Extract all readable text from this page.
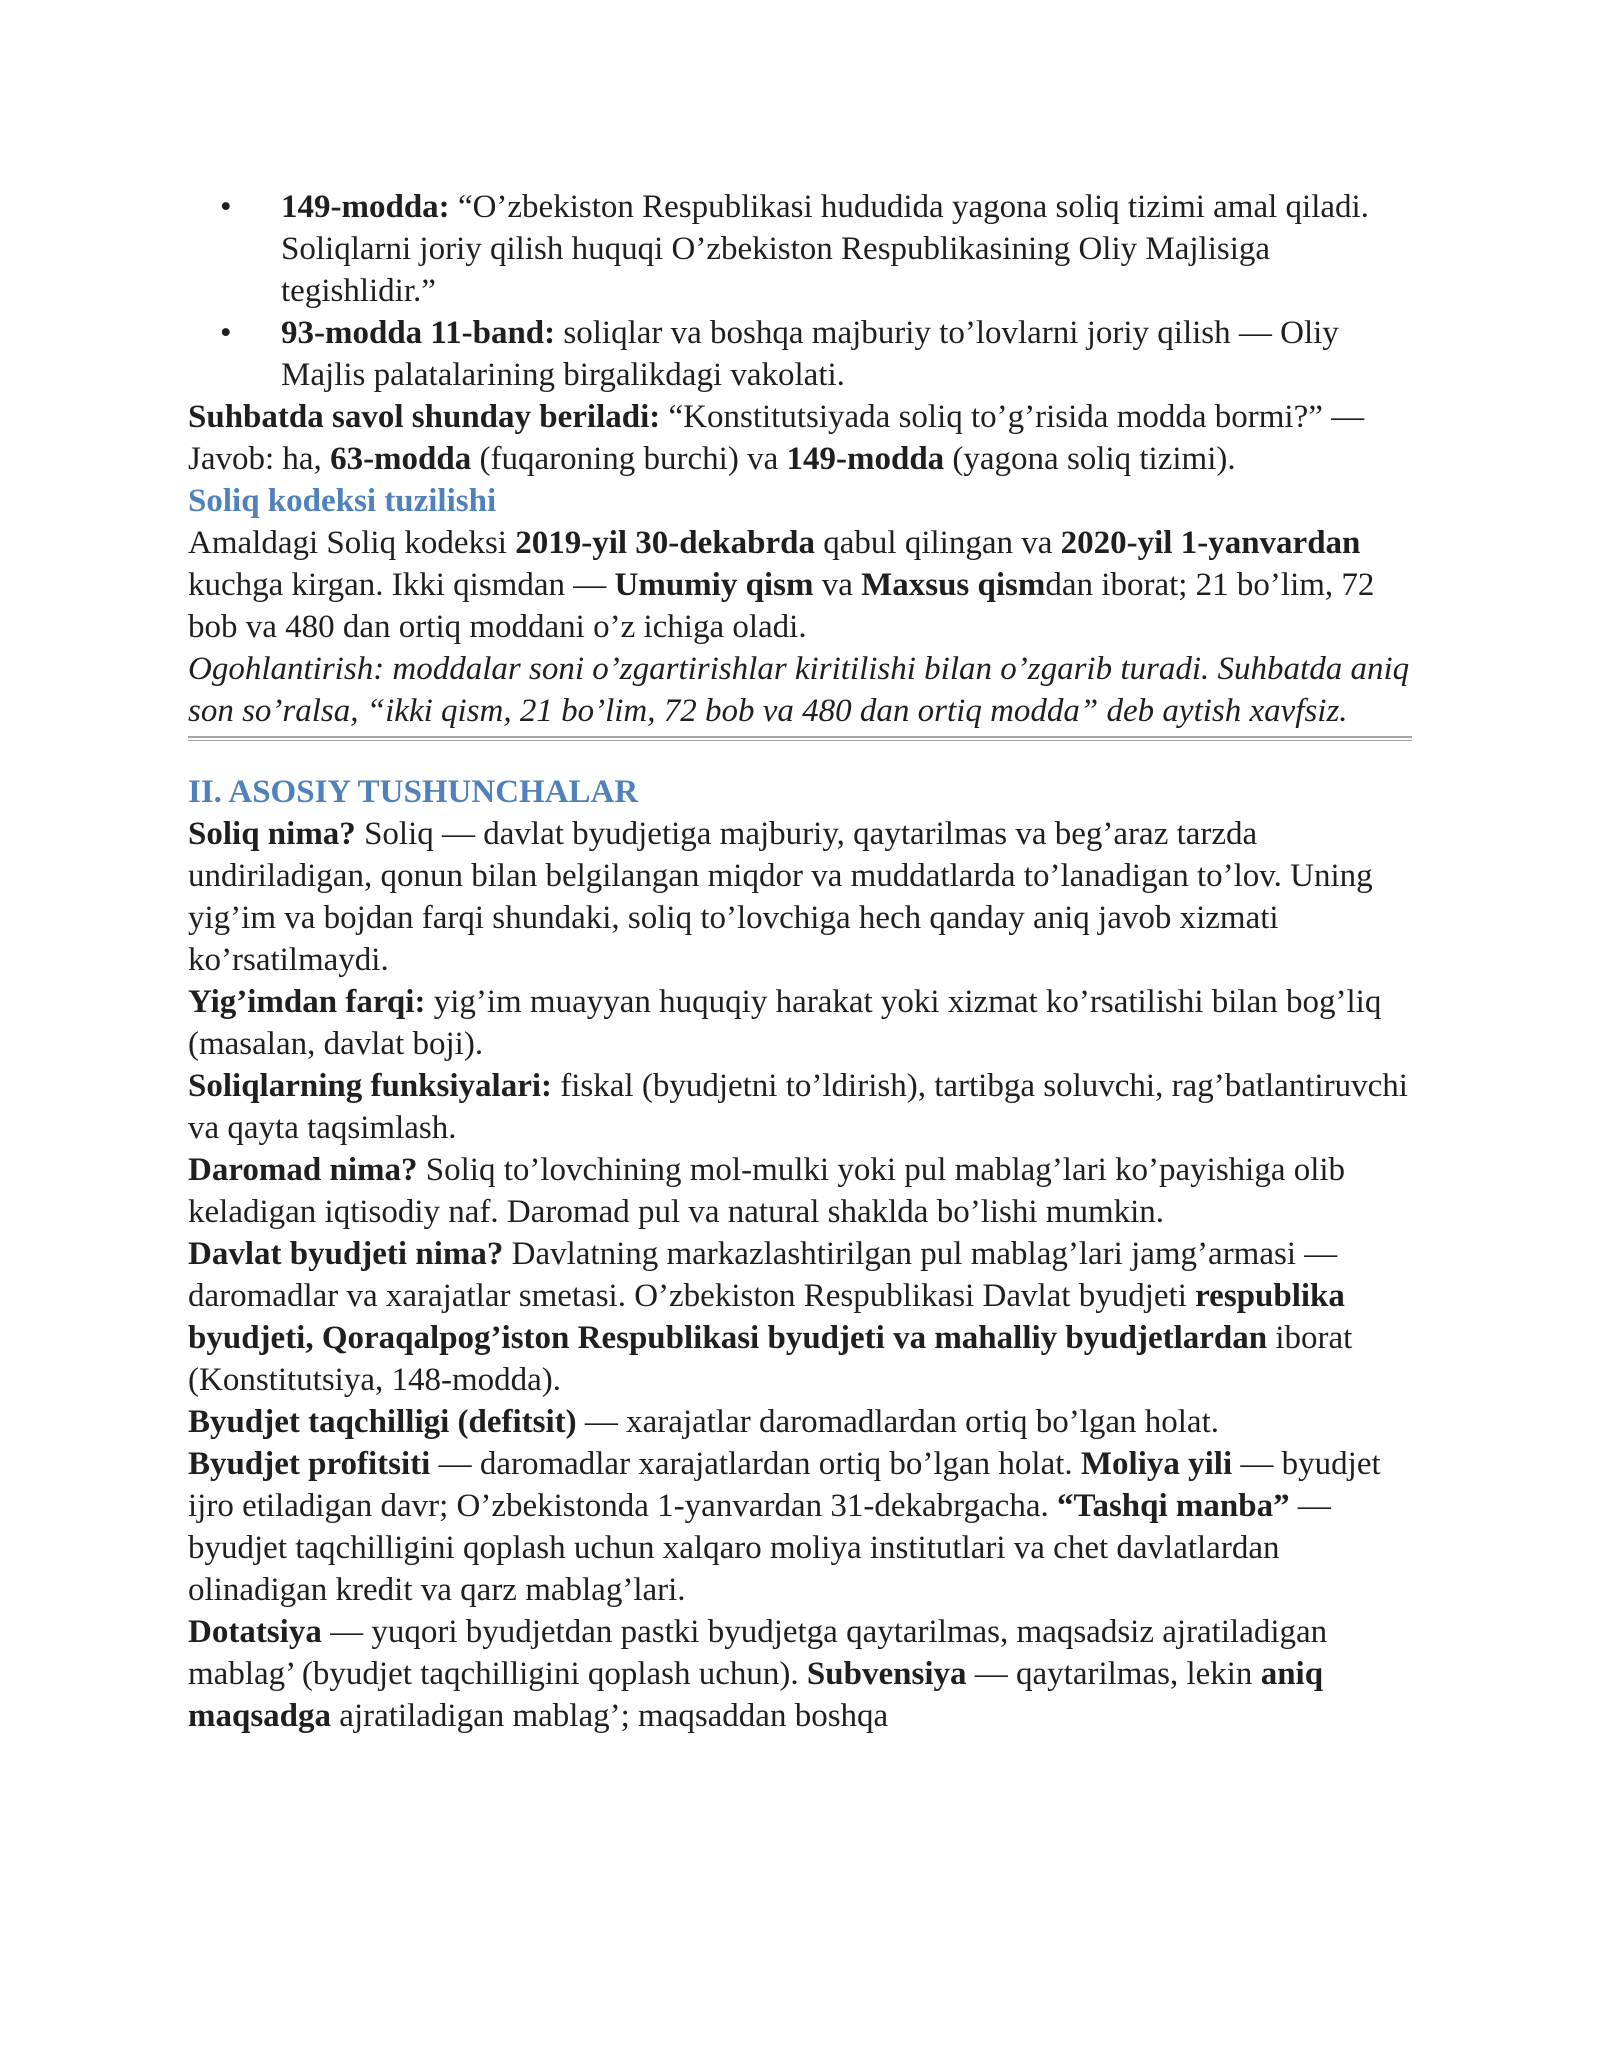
• 149-modda: “O’zbekiston Respublikasi hududida yagona soliq tizimi amal qiladi. Soliqlarni joriy qilish huquqi O’zbekiston Respublikasining Oliy Majlisiga tegishlidir.”
• 93-modda 11-band: soliqlar va boshqa majburiy to’lovlarni joriy qilish — Oliy Majlis palatalarining birgalikdagi vakolati.

Suhbatda savol shunday beriladi: “Konstitutsiyada soliq to’g’risida modda bormi?” — Javob: ha, 63-modda (fuqaroning burchi) va 149-modda (yagona soliq tizimi).

Soliq kodeksi tuzilishi

Amaldagi Soliq kodeksi 2019-yil 30-dekabrda qabul qilingan va 2020-yil 1-yanvardan kuchga kirgan. Ikki qismdan — Umumiy qism va Maxsus qismdan iborat; 21 bo’lim, 72 bob va 480 dan ortiq moddani o’z ichiga oladi.

Ogohlantirish: moddalar soni o’zgartirishlar kiritilishi bilan o’zgarib turadi. Suhbatda aniq son so’ralsa, “ikki qism, 21 bo’lim, 72 bob va 480 dan ortiq modda” deb aytish xavfsiz.

II. ASOSIY TUSHUNCHALAR

Soliq nima? Soliq — davlat byudjetiga majburiy, qaytarilmas va beg’araz tarzda undiriladigan, qonun bilan belgilangan miqdor va muddatlarda to’lanadigan to’lov. Uning yig’im va bojdan farqi shundaki, soliq to’lovchiga hech qanday aniq javob xizmati ko’rsatilmaydi.

Yig’imdan farqi: yig’im muayyan huquqiy harakat yoki xizmat ko’rsatilishi bilan bog’liq (masalan, davlat boji).

Soliqlarning funksiyalari: fiskal (byudjetni to’ldirish), tartibga soluvchi, rag’batlantiruvchi va qayta taqsimlash.

Daromad nima? Soliq to’lovchining mol-mulki yoki pul mablag’lari ko’payishiga olib keladigan iqtisodiy naf. Daromad pul va natural shaklda bo’lishi mumkin.

Davlat byudjeti nima? Davlatning markazlashtirilgan pul mablag’lari jamg’armasi — daromadlar va xarajatlar smetasi. O’zbekiston Respublikasi Davlat byudjeti respublika byudjeti, Qoraqalpog’iston Respublikasi byudjeti va mahalliy byudjetlardan iborat (Konstitutsiya, 148-modda).

Byudjet taqchilligi (defitsit) — xarajatlar daromadlardan ortiq bo’lgan holat.

Byudjet profitsiti — daromadlar xarajatlardan ortiq bo’lgan holat. Moliya yili — byudjet ijro etiladigan davr; O’zbekistonda 1-yanvardan 31-dekabrgacha. “Tashqi manba” — byudjet taqchilligini qoplash uchun xalqaro moliya institutlari va chet davlatlardan olinadigan kredit va qarz mablag’lari.

Dotatsiya — yuqori byudjetdan pastki byudjetga qaytarilmas, maqsadsiz ajratiladigan mablag’ (byudjet taqchilligini qoplash uchun). Subvensiya — qaytarilmas, lekin aniq maqsadga ajratiladigan mablag’; maqsaddan boshqa
